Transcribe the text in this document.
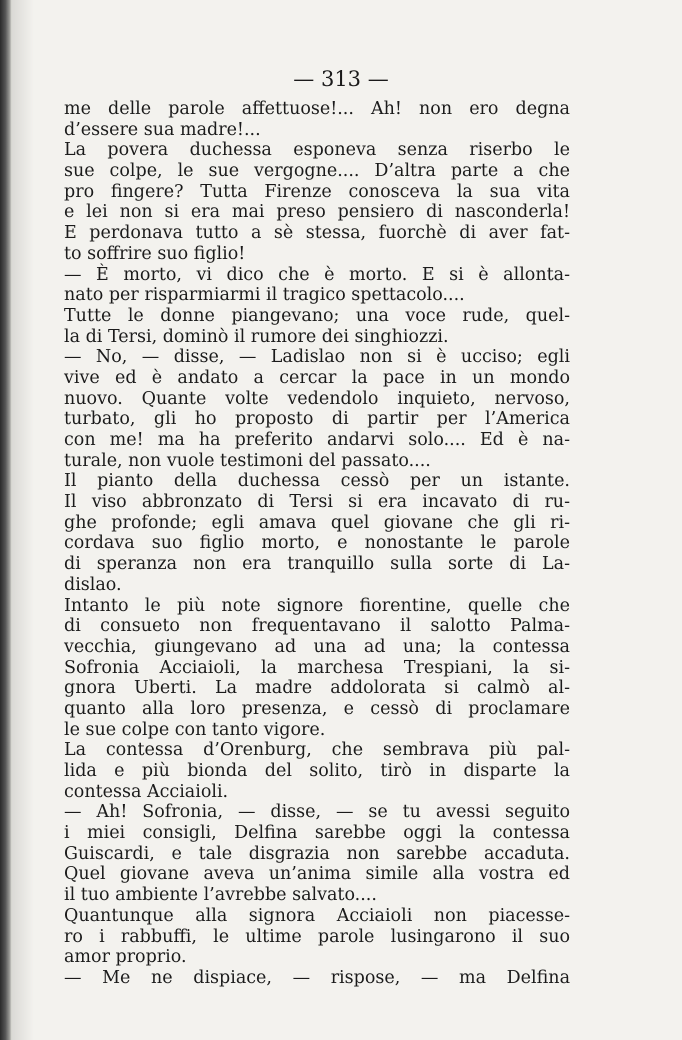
— 313 —

me delle parole affettuose!... Ah! non ero degna
d’essere sua madre!...
La povera duchessa esponeva senza riserbo le
sue colpe, le sue vergogne.... D’altra parte a che
pro fingere? Tutta Firenze conosceva la sua vita
e lei non si era mai preso pensiero di nasconderla!
E perdonava tutto a sè stessa, fuorchè di aver fat-
to soffrire suo figlio!
— È morto, vi dico che è morto. E si è allonta-
nato per risparmiarmi il tragico spettacolo....
Tutte le donne piangevano; una voce rude, quel-
la di Tersi, dominò il rumore dei singhiozzi.
— No, — disse, — Ladislao non si è ucciso; egli
vive ed è andato a cercar la pace in un mondo
nuovo. Quante volte vedendolo inquieto, nervoso,
turbato, gli ho proposto di partir per l’America
con me! ma ha preferito andarvi solo.... Ed è na-
turale, non vuole testimoni del passato....
Il pianto della duchessa cessò per un istante.
Il viso abbronzato di Tersi si era incavato di ru-
ghe profonde; egli amava quel giovane che gli ri-
cordava suo figlio morto, e nonostante le parole
di speranza non era tranquillo sulla sorte di La-
dislao.
Intanto le più note signore fiorentine, quelle che
di consueto non frequentavano il salotto Palma-
vecchia, giungevano ad una ad una; la contessa
Sofronia Acciaioli, la marchesa Trespiani, la si-
gnora Uberti. La madre addolorata si calmò al-
quanto alla loro presenza, e cessò di proclamare
le sue colpe con tanto vigore.
La contessa d’Orenburg, che sembrava più pal-
lida e più bionda del solito, tirò in disparte la
contessa Acciaioli.
— Ah! Sofronia, — disse, — se tu avessi seguito
i miei consigli, Delfina sarebbe oggi la contessa
Guiscardi, e tale disgrazia non sarebbe accaduta.
Quel giovane aveva un’anima simile alla vostra ed
il tuo ambiente l’avrebbe salvato....
Quantunque alla signora Acciaioli non piacesse-
ro i rabbuffi, le ultime parole lusingarono il suo
amor proprio.
— Me ne dispiace, — rispose, — ma Delfina
